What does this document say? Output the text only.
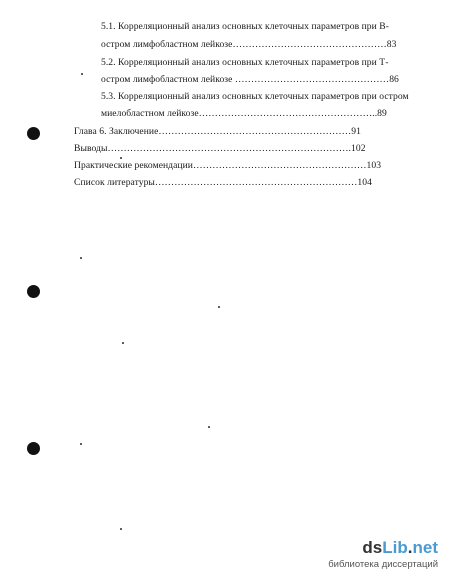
5.1. Корреляционный анализ основных клеточных параметров при В-
остром лимфобластном лейкозе…………………………………………83
5.2. Корреляционный анализ основных клеточных параметров при Т-
остром лимфобластном лейкозе …………………………………………86
5.3. Корреляционный анализ основных клеточных параметров при остром
миелобластном лейкозе………………………………………………..89
Глава 6. Заключение……………………………………………………91
Выводы………………………………………………………………….102
Практические рекомендации………………………………………………103
Список литературы………………………………………………………104
dsLib.net
библиотека диссертаций
